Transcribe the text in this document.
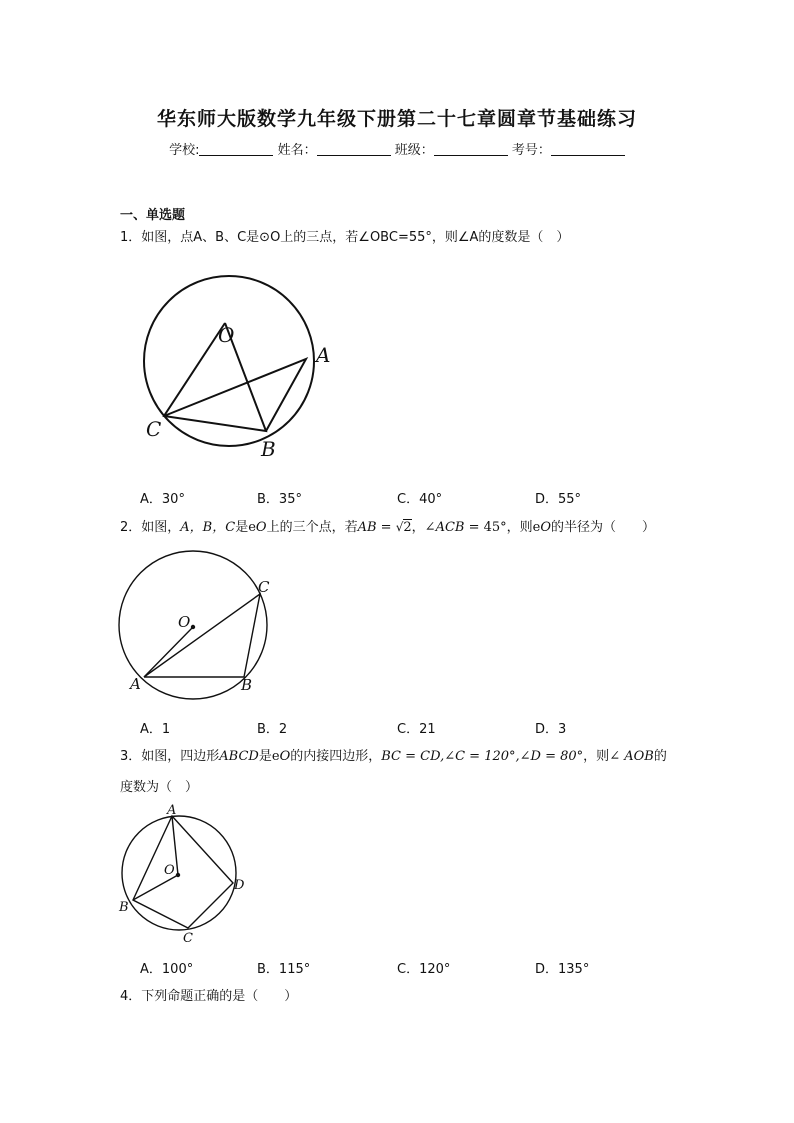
华东师大版数学九年级下册第二十七章圆章节基础练习
学校:	姓名：	班级：	考号：
一、单选题
1．如图，点A、B、C是⊙O上的三点，若∠OBC=55°，则∠A的度数是（　）
O
A
B
C
A．30°	B．35°	C．40°	D．55°
2．如图，A，B，C是eO上的三个点，若AB = √2，∠ACB = 45°，则eO的半径为（　　）
O
A	B
C
A．1	B．2	C．21	D．3
3．如图，四边形ABCD是eO的内接四边形，BC = CD,∠C = 120°,∠D = 80°，则∠ AOB的
度数为（　）
O
A
B
C
D
A．100°	B．115°	C．120°	D．135°
4．下列命题正确的是（　　）
